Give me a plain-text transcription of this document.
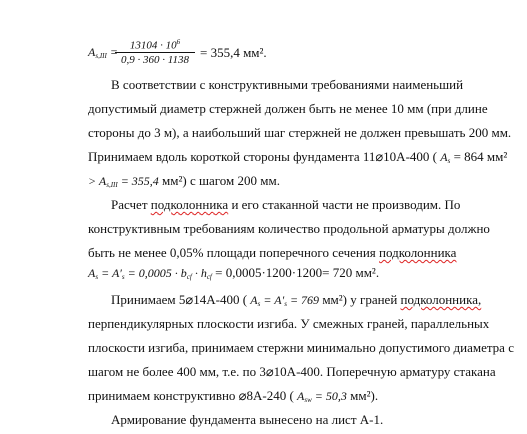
$A_{s,III}$ =	$13104 \cdot 10^6$
0,9 · 360 · 1138 = 355,4 мм².
В соответствии с конструктивными требованиями наименьший
допустимый диаметр стержней должен быть не менее 10 мм (при длине
стороны до 3 м), а наибольший шаг стержней не должен превышать 200 мм.
Принимаем вдоль короткой стороны фундамента 11⌀10А-400 ( $A_s = 864$ мм²
> $A_{s,III} = 355,4$ мм²) с шагом 200 мм.
Расчет подколонника и его стаканной части не производим. По
конструктивным требованиям количество продольной арматуры должно
быть не менее 0,05% площади поперечного сечения подколонника
$A_s = A'_s = 0,0005 \cdot b_{cf} \cdot h_{cf} = 0,0005\cdot 1200\cdot 1200= 720$ мм².
Принимаем 5⌀14А-400 ( $A_s = A'_s = 769$ мм²) у граней подколонника,
перпендикулярных плоскости изгиба. У смежных граней, параллельных
плоскости изгиба, принимаем стержни минимально допустимого диаметра с
шагом не более 400 мм, т.е. по 3⌀10А-400. Поперечную арматуру стакана
принимаем конструктивно ⌀8А-240 ( $A_{sw} = 50,3$ мм²).
Армирование фундамента вынесено на лист А-1.
